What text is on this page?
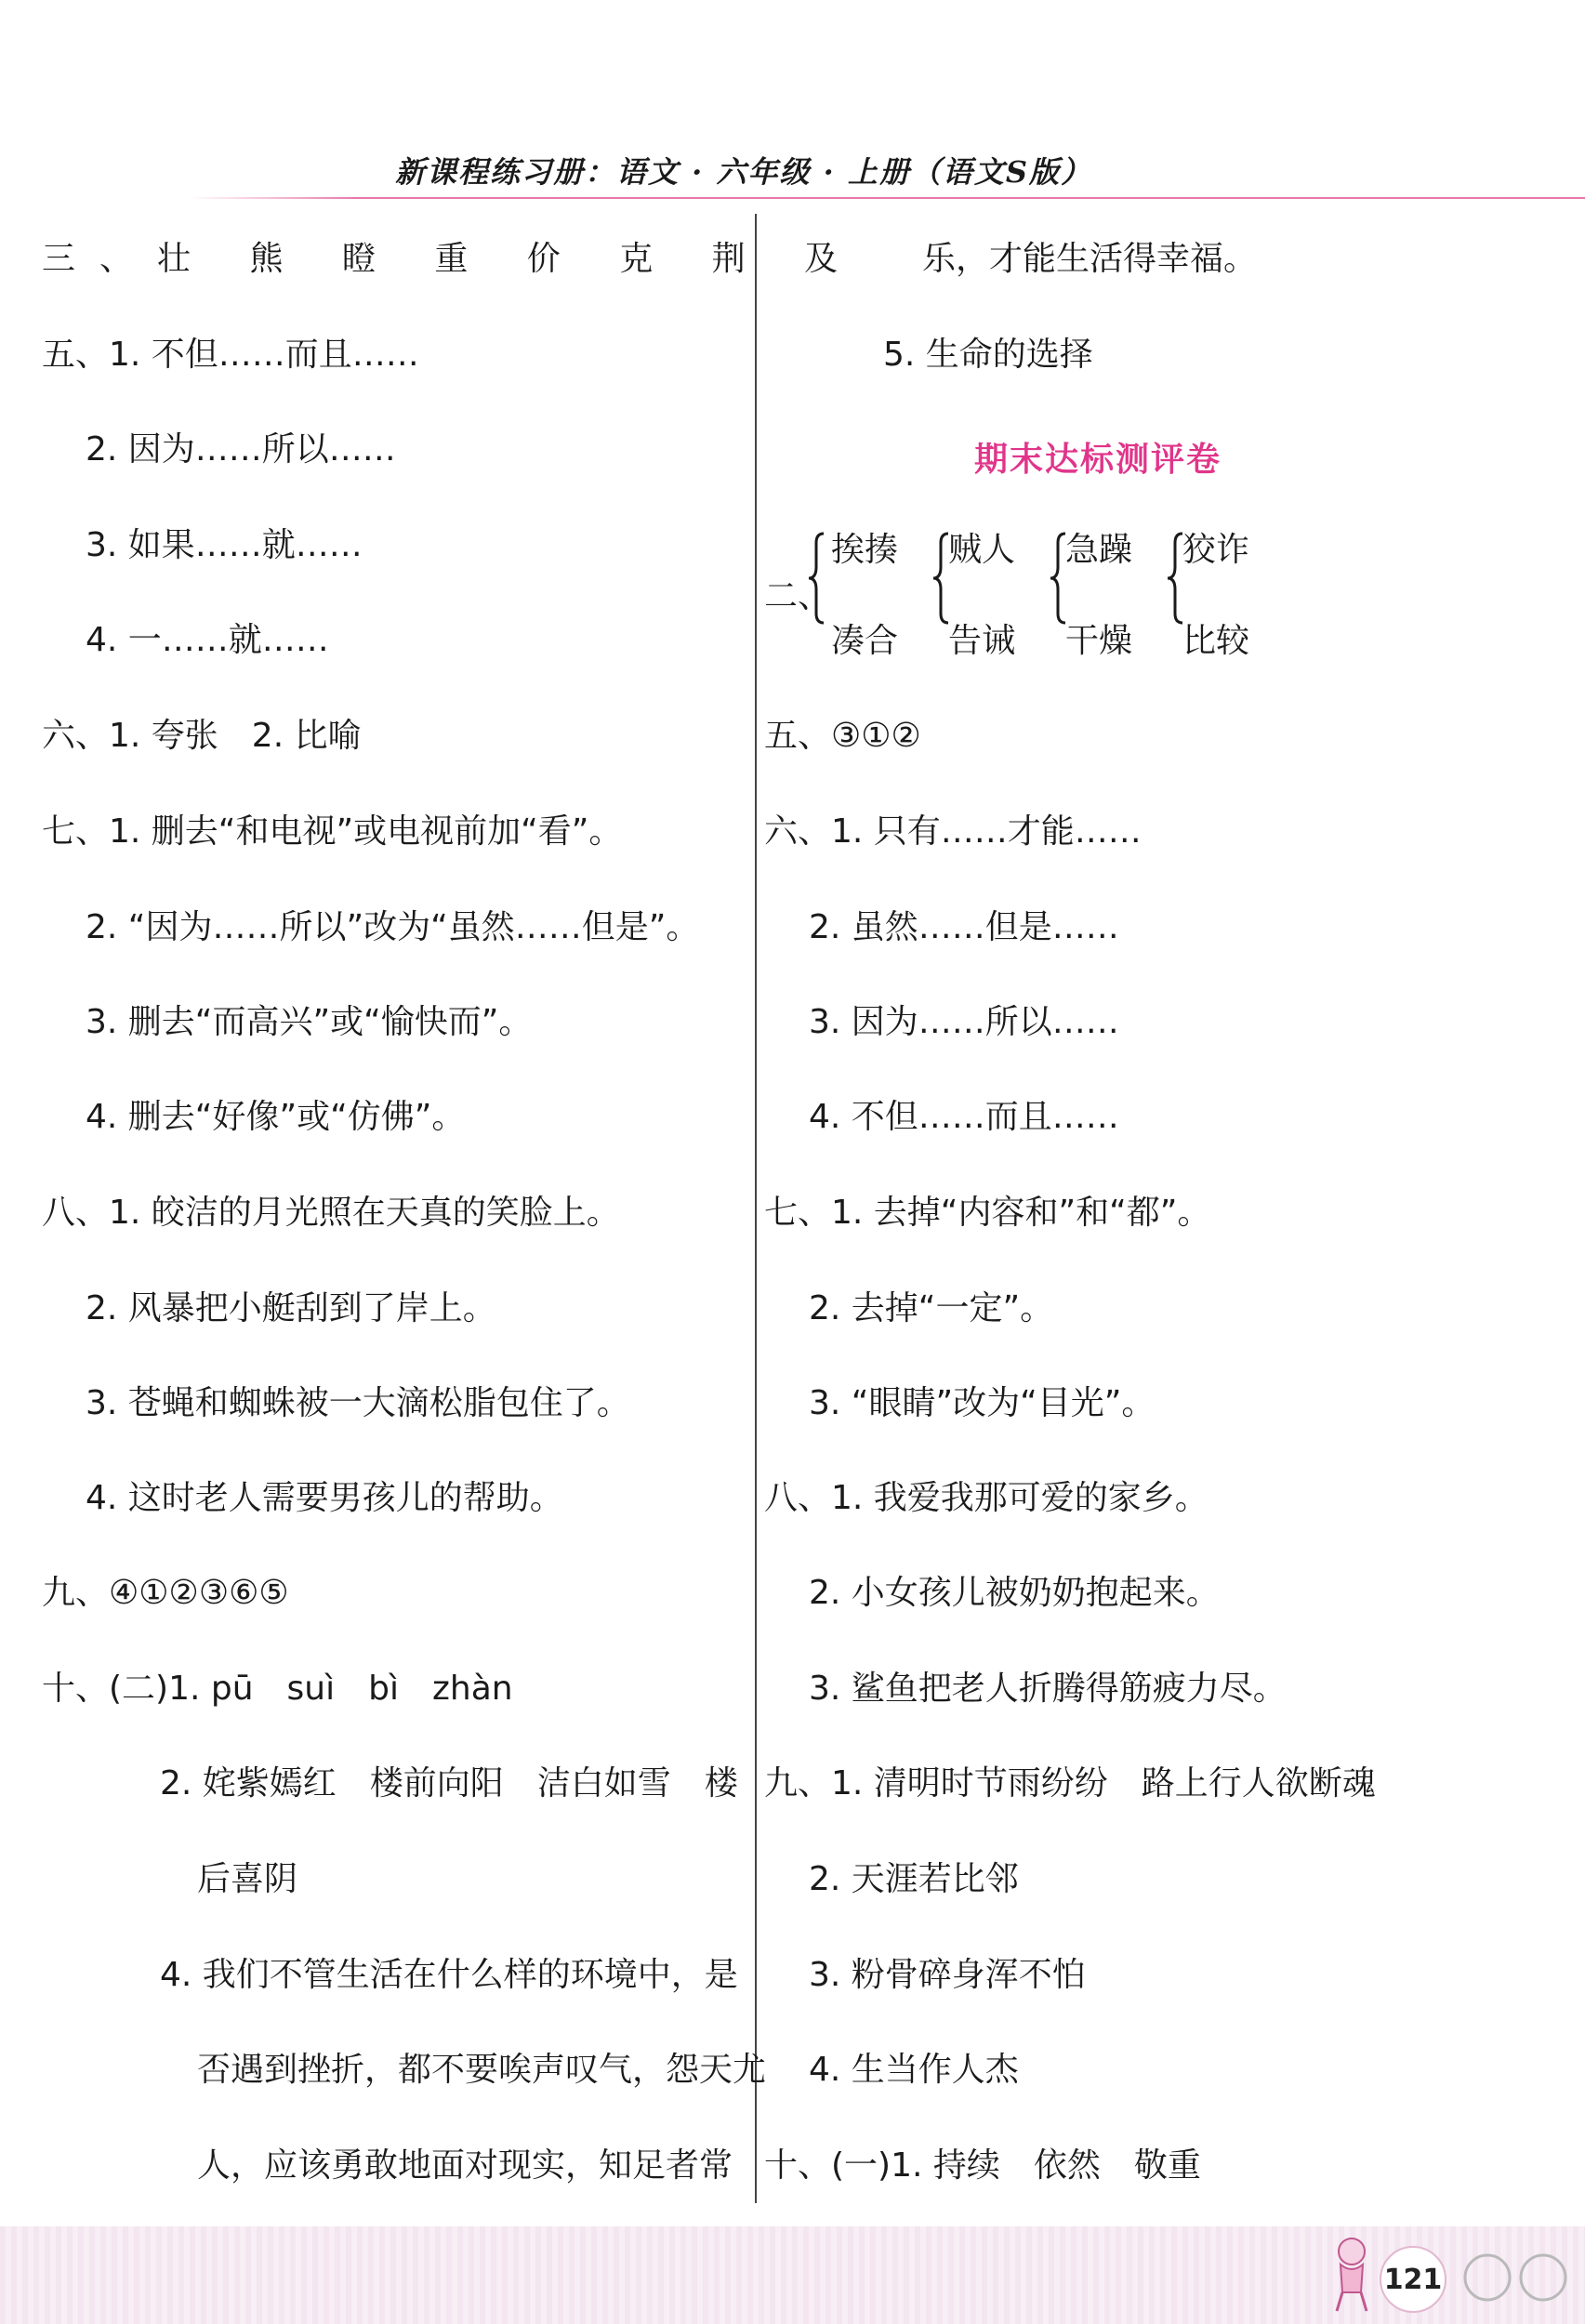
新课程练习册：语文 · 六年级 · 上册（语文S版）
三、壮 熊 瞪 重 价 克 荆 及
五、1. 不但……而且……
2. 因为……所以……
3. 如果……就……
4. 一……就……
六、1. 夸张　2. 比喻
七、1. 删去“和电视”或电视前加“看”。
2. “因为……所以”改为“虽然……但是”。
3. 删去“而高兴”或“愉快而”。
4. 删去“好像”或“仿佛”。
八、1. 皎洁的月光照在天真的笑脸上。
2. 风暴把小艇刮到了岸上。
3. 苍蝇和蜘蛛被一大滴松脂包住了。
4. 这时老人需要男孩儿的帮助。
九、④①②③⑥⑤
十、(二)1. pū　suì　bì　zhàn
2. 姹紫嫣红　楼前向阳　洁白如雪　楼
后喜阴
4. 我们不管生活在什么样的环境中，是
否遇到挫折，都不要唉声叹气，怨天尤
人，应该勇敢地面对现实，知足者常
乐，才能生活得幸福。
5. 生命的选择
期末达标测评卷
二、
挨揍
凑合
贼人
告诫
急躁
干燥
狡诈
比较
五、③①②
六、1. 只有……才能……
2. 虽然……但是……
3. 因为……所以……
4. 不但……而且……
七、1. 去掉“内容和”和“都”。
2. 去掉“一定”。
3. “眼睛”改为“目光”。
八、1. 我爱我那可爱的家乡。
2. 小女孩儿被奶奶抱起来。
3. 鲨鱼把老人折腾得筋疲力尽。
九、1. 清明时节雨纷纷　路上行人欲断魂
2. 天涯若比邻
3. 粉骨碎身浑不怕
4. 生当作人杰
十、(一)1. 持续　依然　敬重
121
